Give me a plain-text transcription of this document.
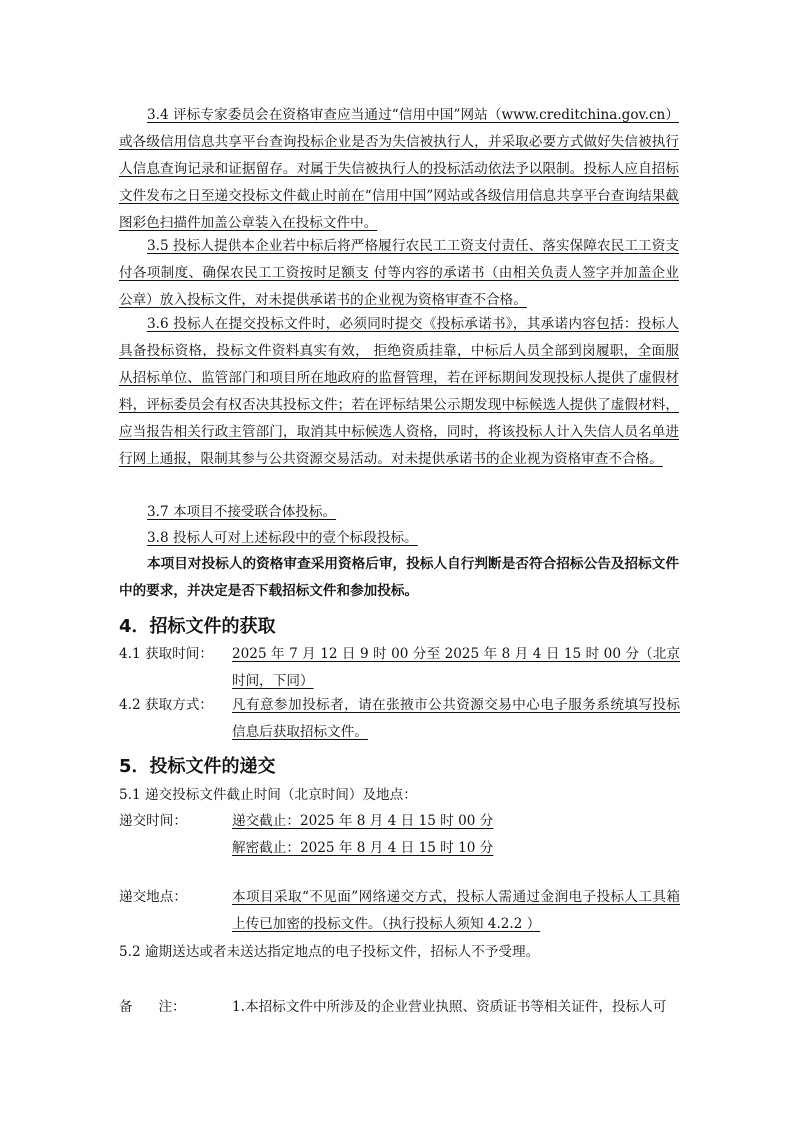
3.4 评标专家委员会在资格审查应当通过“信用中国”网站（www.creditchina.gov.cn）或各级信用信息共享平台查询投标企业是否为失信被执行人，并采取必要方式做好失信被执行人信息查询记录和证据留存。对属于失信被执行人的投标活动依法予以限制。投标人应自招标文件发布之日至递交投标文件截止时前在“信用中国”网站或各级信用信息共享平台查询结果截图彩色扫描件加盖公章装入在投标文件中。
3.5 投标人提供本企业若中标后将严格履行农民工工资支付责任、落实保障农民工工资支付各项制度、确保农民工工资按时足额支 付等内容的承诺书（由相关负责人签字并加盖企业公章）放入投标文件，对未提供承诺书的企业视为资格审查不合格。
3.6 投标人在提交投标文件时，必须同时提交《投标承诺书》，其承诺内容包括：投标人具备投标资格，投标文件资料真实有效， 拒绝资质挂靠，中标后人员全部到岗履职，全面服从招标单位、监管部门和项目所在地政府的监督管理，若在评标期间发现投标人提供了虚假材料，评标委员会有权否决其投标文件；若在评标结果公示期发现中标候选人提供了虚假材料，应当报告相关行政主管部门，取消其中标候选人资格，同时，将该投标人计入失信人员名单进行网上通报，限制其参与公共资源交易活动。对未提供承诺书的企业视为资格审查不合格。
3.7 本项目不接受联合体投标。
3.8 投标人可对上述标段中的壹个标段投标。
本项目对投标人的资格审查采用资格后审，投标人自行判断是否符合招标公告及招标文件中的要求，并决定是否下载招标文件和参加投标。
4．招标文件的获取
4.1 获取时间：	2025 年 7 月 12 日 9 时 00 分至 2025 年 8 月 4 日 15 时 00 分（北京时间，下同）
4.2 获取方式：	凡有意参加投标者，请在张掖市公共资源交易中心电子服务系统填写投标信息后获取招标文件。
5．投标文件的递交
5.1 递交投标文件截止时间（北京时间）及地点：
递交时间：	递交截止：2025 年 8 月 4 日 15 时 00 分
解密截止：2025 年 8 月 4 日 15 时 10 分
递交地点：	本项目采取“不见面”网络递交方式，投标人需通过金润电子投标人工具箱上传已加密的投标文件。（执行投标人须知 4.2.2 ）
5.2 逾期送达或者未送达指定地点的电子投标文件，招标人不予受理。
备      注：	1.本招标文件中所涉及的企业营业执照、资质证书等相关证件，投标人可
